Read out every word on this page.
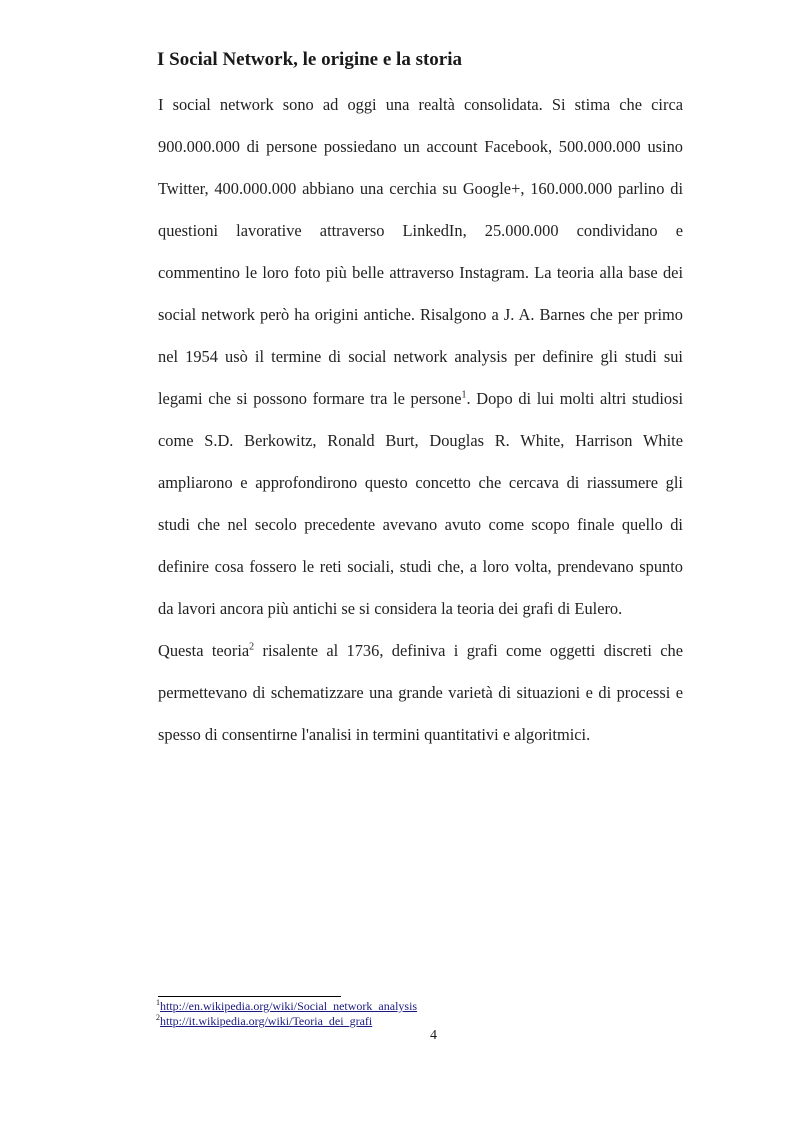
I Social Network, le origine e la storia

I social network sono ad oggi una realtà consolidata. Si stima che circa 900.000.000 di persone possiedano un account Facebook, 500.000.000 usino Twitter, 400.000.000 abbiano una cerchia su Google+, 160.000.000 parlino di questioni lavorative attraverso LinkedIn, 25.000.000 condividano e commentino le loro foto più belle attraverso Instagram. La teoria alla base dei social network però ha origini antiche. Risalgono a J. A. Barnes che per primo nel 1954 usò il termine di social network analysis per definire gli studi sui legami che si possono formare tra le persone$^1$. Dopo di lui molti altri studiosi come S.D. Berkowitz, Ronald Burt, Douglas R. White, Harrison White ampliarono e approfondirono questo concetto che cercava di riassumere gli studi che nel secolo precedente avevano avuto come scopo finale quello di definire cosa fossero le reti sociali, studi che, a loro volta, prendevano spunto da lavori ancora più antichi se si considera la teoria dei grafi di Eulero.

Questa teoria$^2$ risalente al 1736, definiva i grafi come oggetti discreti che permettevano di schematizzare una grande varietà di situazioni e di processi e spesso di consentirne l'analisi in termini quantitativi e algoritmici.

$^1$http://en.wikipedia.org/wiki/Social_network_analysis
$^2$http://it.wikipedia.org/wiki/Teoria_dei_grafi
4
